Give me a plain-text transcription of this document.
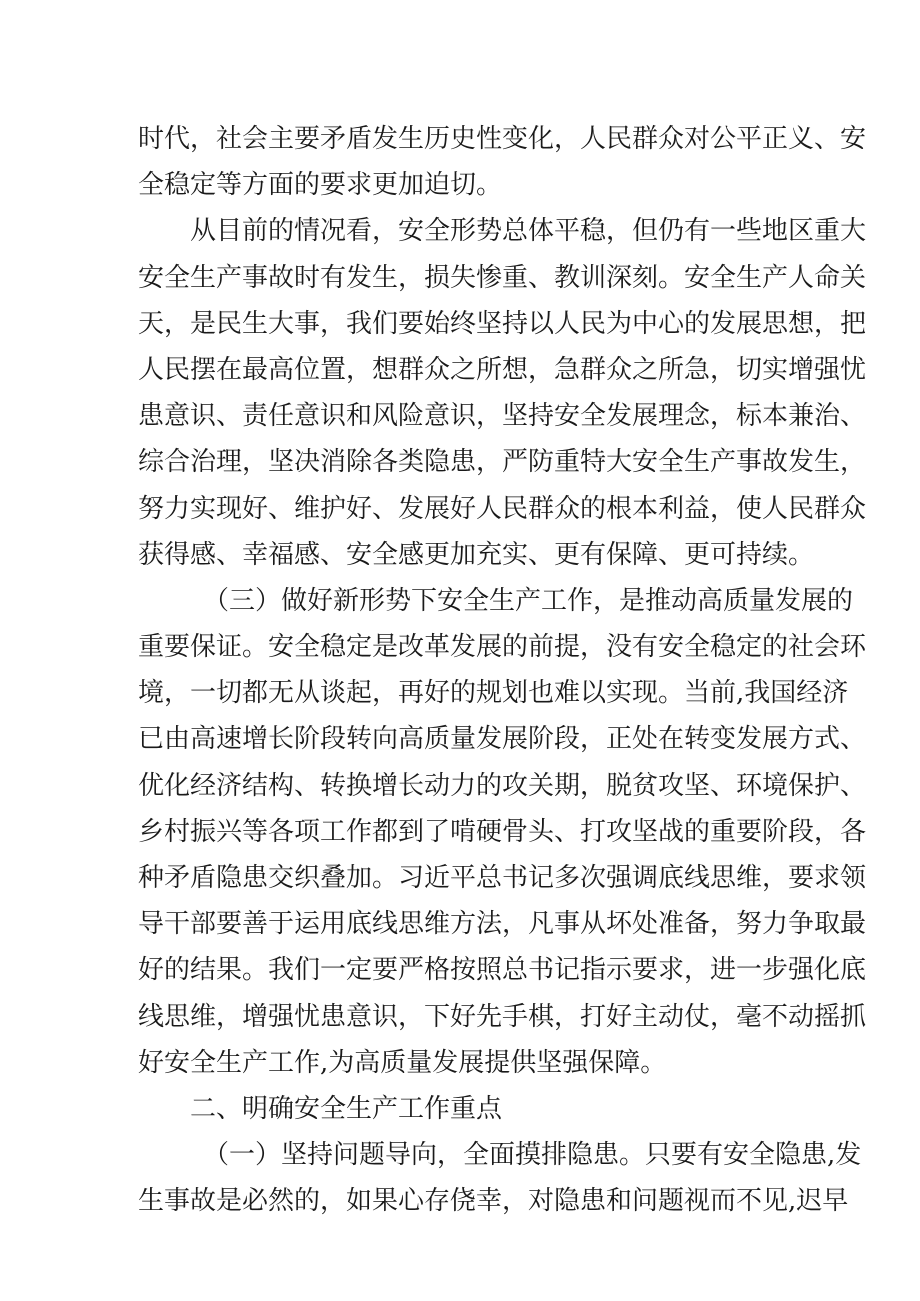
时代，社会主要矛盾发生历史性变化，人民群众对公平正义、安
全稳定等方面的要求更加迫切。
从目前的情况看，安全形势总体平稳，但仍有一些地区重大
安全生产事故时有发生，损失惨重、教训深刻。安全生产人命关
天，是民生大事，我们要始终坚持以人民为中心的发展思想，把
人民摆在最高位置，想群众之所想，急群众之所急，切实增强忧
患意识、责任意识和风险意识，坚持安全发展理念，标本兼治、
综合治理，坚决消除各类隐患，严防重特大安全生产事故发生，
努力实现好、维护好、发展好人民群众的根本利益，使人民群众
获得感、幸福感、安全感更加充实、更有保障、更可持续。
（三）做好新形势下安全生产工作，是推动高质量发展的
重要保证。安全稳定是改革发展的前提，没有安全稳定的社会环
境，一切都无从谈起，再好的规划也难以实现。当前,我国经济
已由高速增长阶段转向高质量发展阶段，正处在转变发展方式、
优化经济结构、转换增长动力的攻关期，脱贫攻坚、环境保护、
乡村振兴等各项工作都到了啃硬骨头、打攻坚战的重要阶段，各
种矛盾隐患交织叠加。习近平总书记多次强调底线思维，要求领
导干部要善于运用底线思维方法，凡事从坏处准备，努力争取最
好的结果。我们一定要严格按照总书记指示要求，进一步强化底
线思维，增强忧患意识，下好先手棋，打好主动仗，毫不动摇抓
好安全生产工作,为高质量发展提供坚强保障。
二、明确安全生产工作重点
（一）坚持问题导向，全面摸排隐患。只要有安全隐患,发
生事故是必然的，如果心存侥幸，对隐患和问题视而不见,迟早
